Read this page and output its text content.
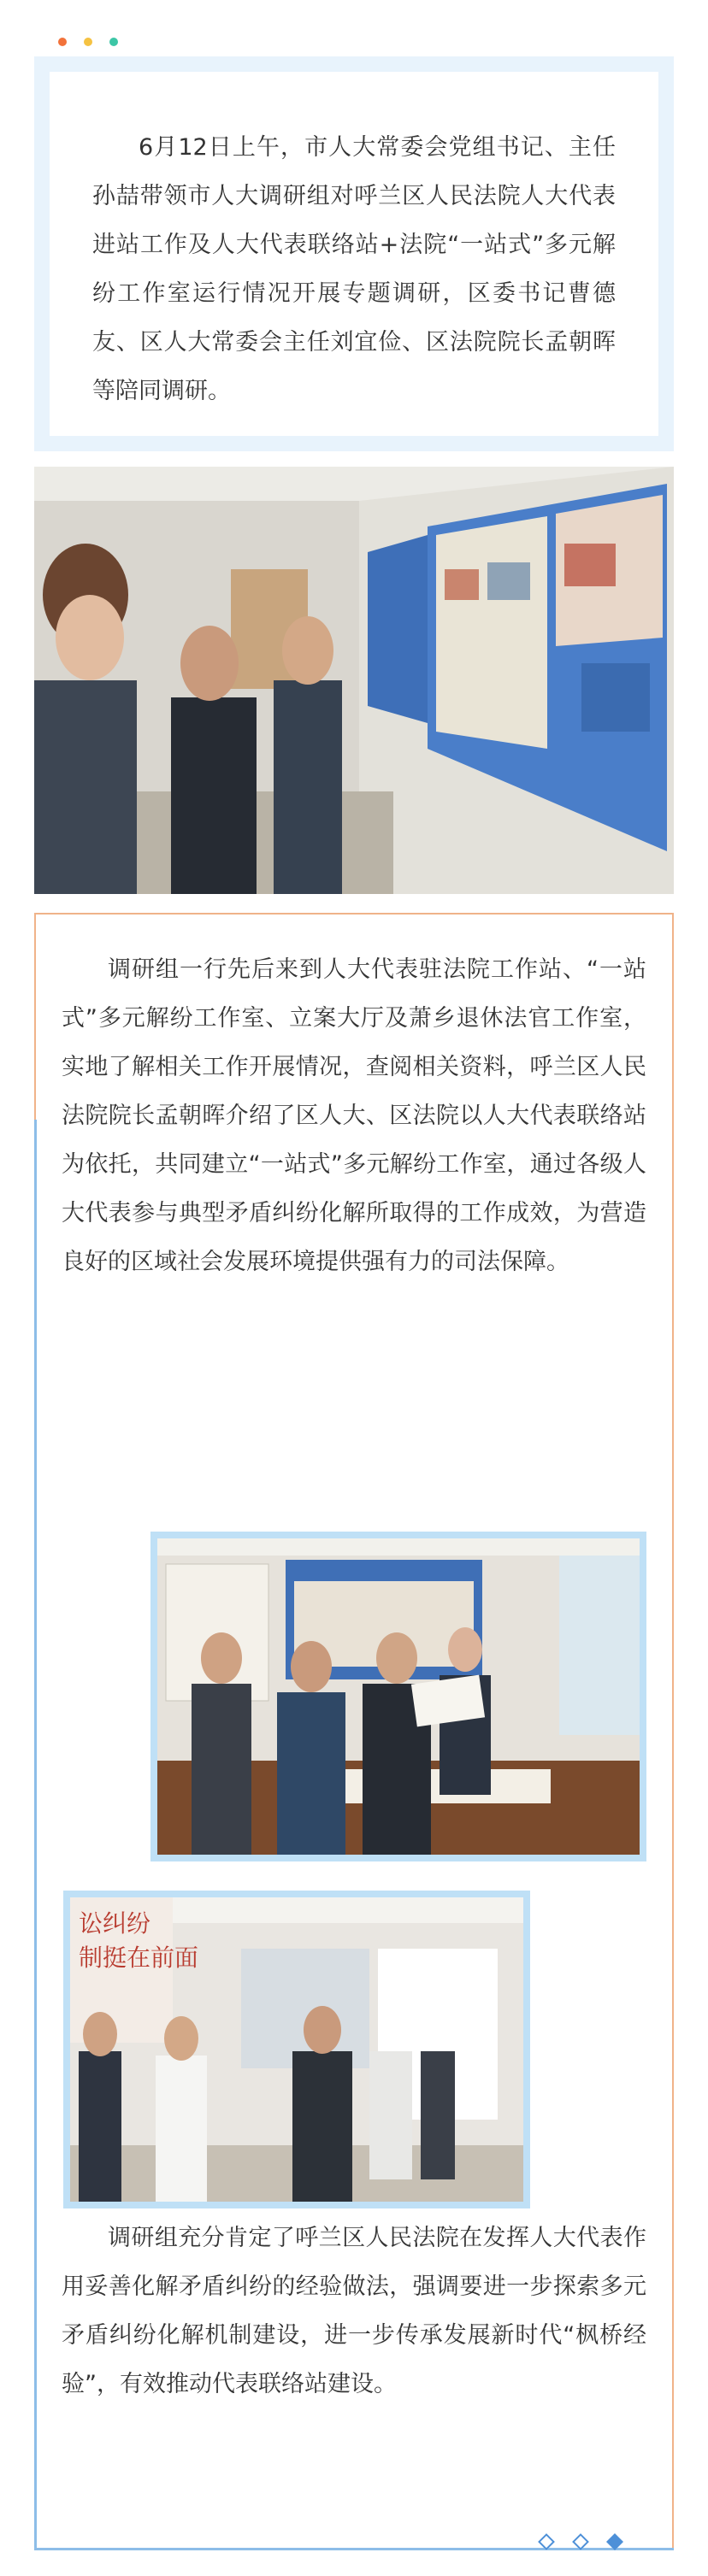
6月12日上午，市人大常委会党组书记、主任孙喆带领市人大调研组对呼兰区人民法院人大代表进站工作及人大代表联络站+法院“一站式”多元解纷工作室运行情况开展专题调研，区委书记曹德友、区人大常委会主任刘宜俭、区法院院长孟朝晖等陪同调研。

调研组一行先后来到人大代表驻法院工作站、“一站式”多元解纷工作室、立案大厅及萧乡退休法官工作室，实地了解相关工作开展情况，查阅相关资料，呼兰区人民法院院长孟朝晖介绍了区人大、区法院以人大代表联络站为依托，共同建立“一站式”多元解纷工作室，通过各级人大代表参与典型矛盾纠纷化解所取得的工作成效，为营造良好的区域社会发展环境提供强有力的司法保障。

讼纠纷
制挺在前面

调研组充分肯定了呼兰区人民法院在发挥人大代表作用妥善化解矛盾纠纷的经验做法，强调要进一步探索多元矛盾纠纷化解机制建设，进一步传承发展新时代“枫桥经验”，有效推动代表联络站建设。
